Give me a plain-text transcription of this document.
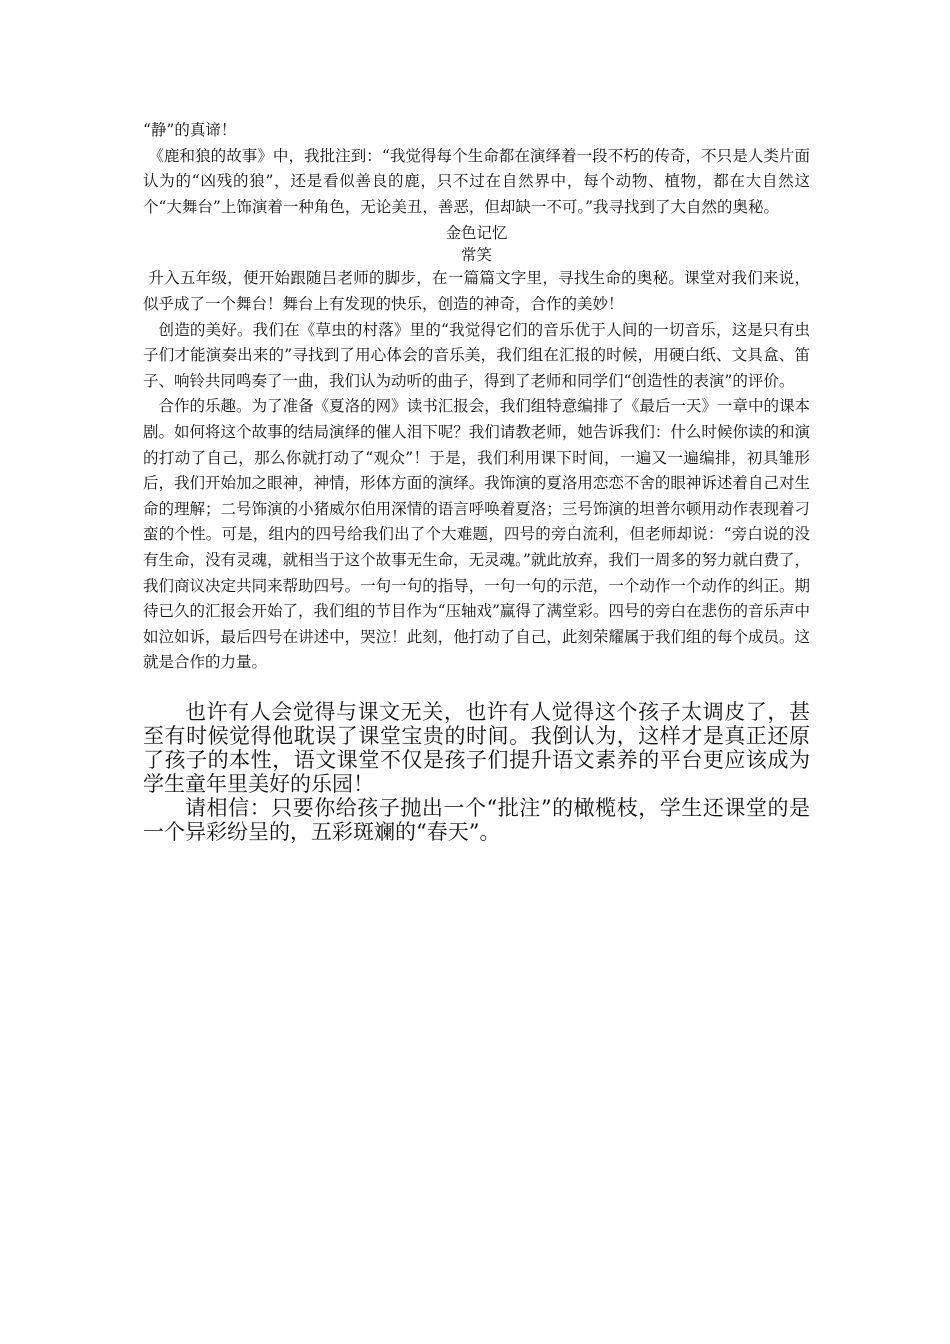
“静”的真谛！

《鹿和狼的故事》中，我批注到：“我觉得每个生命都在演绎着一段不朽的传奇，不只是人类片面认为的“凶残的狼”，还是看似善良的鹿，只不过在自然界中，每个动物、植物，都在大自然这个“大舞台”上饰演着一种角色，无论美丑，善恶，但却缺一不可。”我寻找到了大自然的奥秘。

金色记忆

常笑

升入五年级，便开始跟随吕老师的脚步，在一篇篇文字里，寻找生命的奥秘。课堂对我们来说，似乎成了一个舞台！舞台上有发现的快乐，创造的神奇，合作的美妙！

创造的美好。我们在《草虫的村落》里的“我觉得它们的音乐优于人间的一切音乐，这是只有虫子们才能演奏出来的”寻找到了用心体会的音乐美，我们组在汇报的时候，用硬白纸、文具盒、笛子、响铃共同鸣奏了一曲，我们认为动听的曲子，得到了老师和同学们“创造性的表演”的评价。

合作的乐趣。为了准备《夏洛的网》读书汇报会，我们组特意编排了《最后一天》一章中的课本剧。如何将这个故事的结局演绎的催人泪下呢？我们请教老师，她告诉我们：什么时候你读的和演的打动了自己，那么你就打动了“观众”！于是，我们利用课下时间，一遍又一遍编排，初具雏形后，我们开始加之眼神，神情，形体方面的演绎。我饰演的夏洛用恋恋不舍的眼神诉述着自己对生命的理解；二号饰演的小猪威尔伯用深情的语言呼唤着夏洛；三号饰演的坦普尔顿用动作表现着刁蛮的个性。可是，组内的四号给我们出了个大难题，四号的旁白流利，但老师却说：“旁白说的没有生命，没有灵魂，就相当于这个故事无生命，无灵魂。”就此放弃，我们一周多的努力就白费了，我们商议决定共同来帮助四号。一句一句的指导，一句一句的示范，一个动作一个动作的纠正。期待已久的汇报会开始了，我们组的节目作为“压轴戏”赢得了满堂彩。四号的旁白在悲伤的音乐声中如泣如诉，最后四号在讲述中，哭泣！此刻，他打动了自己，此刻荣耀属于我们组的每个成员。这就是合作的力量。

也许有人会觉得与课文无关，也许有人觉得这个孩子太调皮了，甚至有时候觉得他耽误了课堂宝贵的时间。我倒认为，这样才是真正还原了孩子的本性，语文课堂不仅是孩子们提升语文素养的平台更应该成为学生童年里美好的乐园！

请相信：只要你给孩子抛出一个“批注”的橄榄枝，学生还课堂的是一个异彩纷呈的，五彩斑斓的“春天”。
